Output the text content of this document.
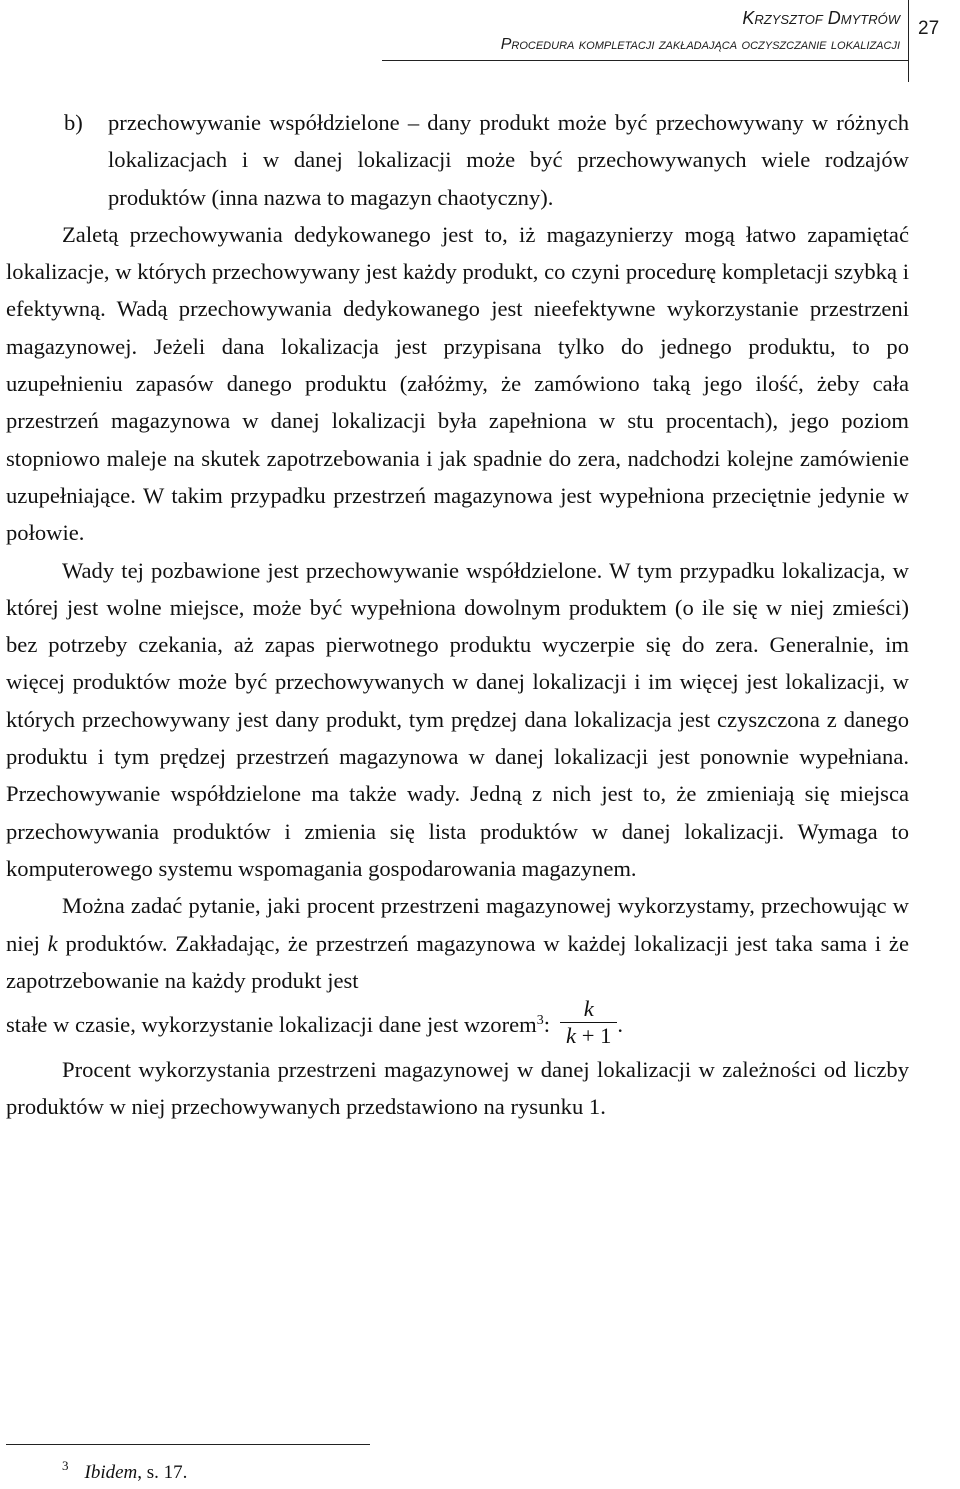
Krzysztof Dmytrów
Procedura kompletacji zakładająca oczyszczanie lokalizacji
27

b) przechowywanie współdzielone – dany produkt może być przechowywany w różnych lokalizacjach i w danej lokalizacji może być przechowywanych wiele rodzajów produktów (inna nazwa to magazyn chaotyczny).

Zaletą przechowywania dedykowanego jest to, iż magazynierzy mogą łatwo zapamiętać lokalizacje, w których przechowywany jest każdy produkt, co czyni procedurę kompletacji szybką i efektywną. Wadą przechowywania dedykowanego jest nieefektywne wykorzystanie przestrzeni magazynowej. Jeżeli dana lokalizacja jest przypisana tylko do jednego produktu, to po uzupełnieniu zapasów danego produktu (załóżmy, że zamówiono taką jego ilość, żeby cała przestrzeń magazynowa w danej lokalizacji była zapełniona w stu procentach), jego poziom stopniowo maleje na skutek zapotrzebowania i jak spadnie do zera, nadchodzi kolejne zamówienie uzupełniające. W takim przypadku przestrzeń magazynowa jest wypełniona przeciętnie jedynie w połowie.

Wady tej pozbawione jest przechowywanie współdzielone. W tym przypadku lokalizacja, w której jest wolne miejsce, może być wypełniona dowolnym produktem (o ile się w niej zmieści) bez potrzeby czekania, aż zapas pierwotnego produktu wyczerpie się do zera. Generalnie, im więcej produktów może być przechowywanych w danej lokalizacji i im więcej jest lokalizacji, w których przechowywany jest dany produkt, tym prędzej dana lokalizacja jest czyszczona z danego produktu i tym prędzej przestrzeń magazynowa w danej lokalizacji jest ponownie wypełniana. Przechowywanie współdzielone ma także wady. Jedną z nich jest to, że zmieniają się miejsca przechowywania produktów i zmienia się lista produktów w danej lokalizacji. Wymaga to komputerowego systemu wspomagania gospodarowania magazynem.

Można zadać pytanie, jaki procent przestrzeni magazynowej wykorzystamy, przechowując w niej k produktów. Zakładając, że przestrzeń magazynowa w każdej lokalizacji jest taka sama i że zapotrzebowanie na każdy produkt jest

stałe w czasie, wykorzystanie lokalizacji dane jest wzorem$^3$: $\frac{k}{k + 1}$ .

Procent wykorzystania przestrzeni magazynowej w danej lokalizacji w zależności od liczby produktów w niej przechowywanych przedstawiono na rysunku 1.

$^3$ Ibidem, s. 17.
